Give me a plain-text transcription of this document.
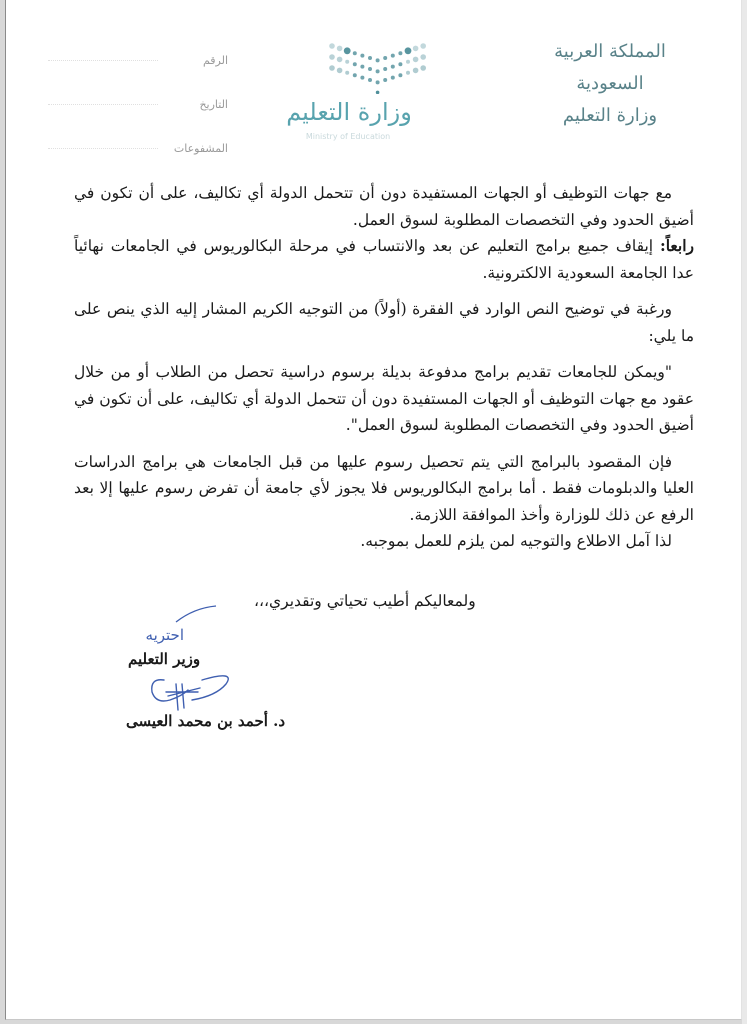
المملكة العربية السعودية
وزارة التعليم
وزارة التعليم
Ministry of Education
الرقم
التاريخ
المشفوعات

مع جهات التوظيف أو الجهات المستفيدة دون أن تتحمل الدولة أي تكاليف، على أن تكون في أضيق الحدود وفي التخصصات المطلوبة لسوق العمل.

رابعاً: إيقاف جميع برامج التعليم عن بعد والانتساب في مرحلة البكالوريوس في الجامعات نهائياً عدا الجامعة السعودية الالكترونية.

ورغبة في توضيح النص الوارد في الفقرة (أولاً) من التوجيه الكريم المشار إليه الذي ينص على ما يلي:

"ويمكن للجامعات تقديم برامج مدفوعة بديلة برسوم دراسية تحصل من الطلاب أو من خلال عقود مع جهات التوظيف أو الجهات المستفيدة دون أن تتحمل الدولة أي تكاليف، على أن تكون في أضيق الحدود وفي التخصصات المطلوبة لسوق العمل".

فإن المقصود بالبرامج التي يتم تحصيل رسوم عليها من قبل الجامعات هي برامج الدراسات العليا والدبلومات فقط . أما برامج البكالوريوس فلا يجوز لأي جامعة أن تفرض رسوم عليها إلا بعد الرفع عن ذلك للوزارة وأخذ الموافقة اللازمة.

لذا آمل الاطلاع والتوجيه لمن يلزم للعمل بموجبه.

ولمعاليكم أطيب تحياتي وتقديري،،،
احتريه
وزير التعليم
د. أحمد بن محمد العيسى
